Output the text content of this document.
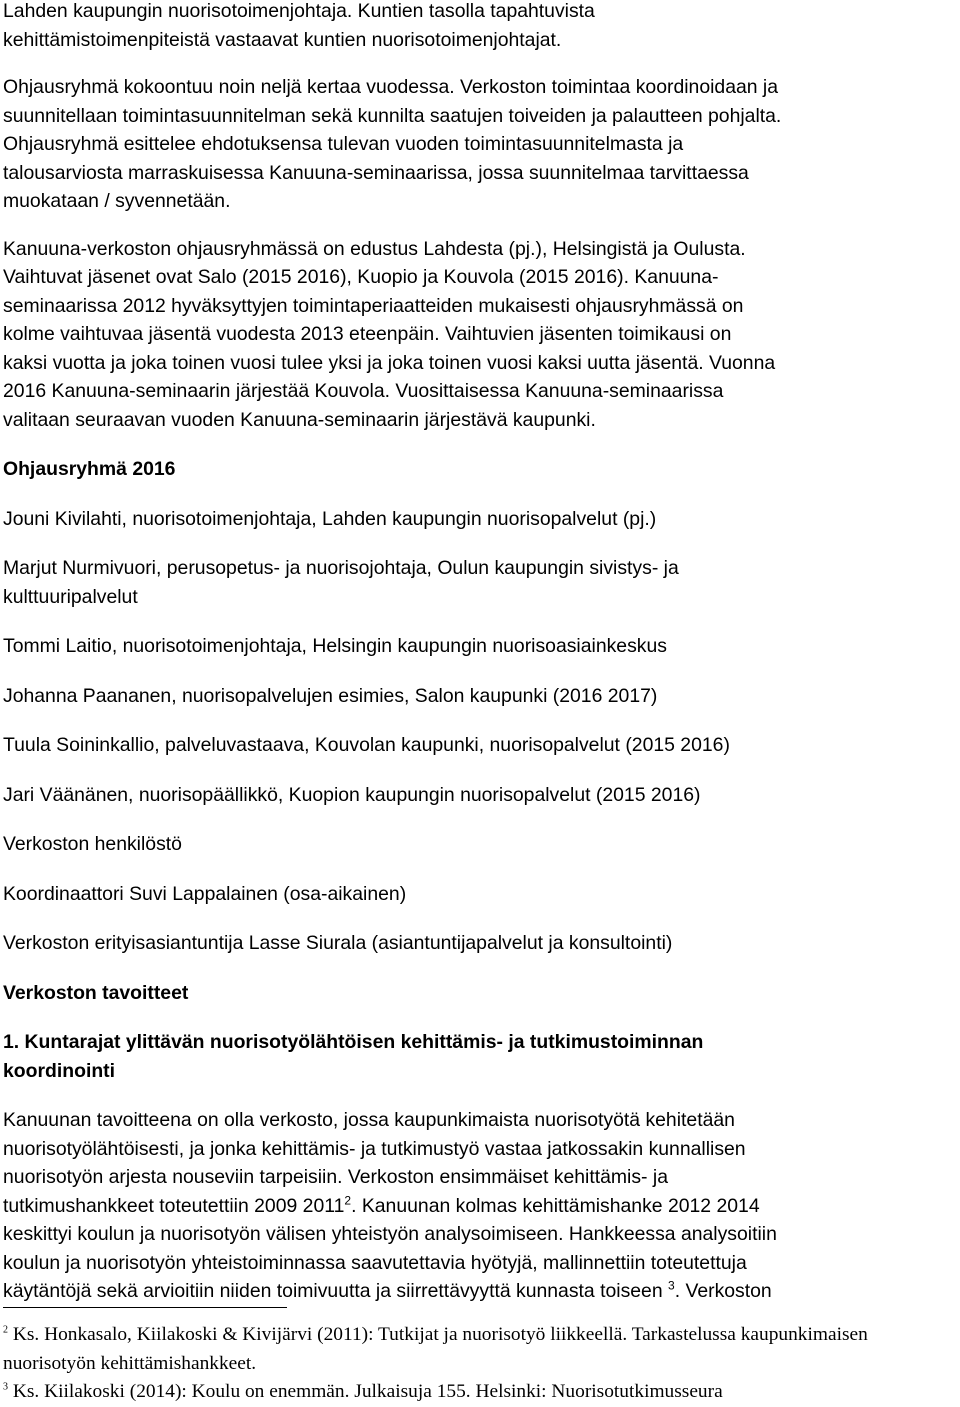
Lahden kaupungin nuorisotoimenjohtaja. Kuntien tasolla tapahtuvista
kehittämistoimenpiteistä vastaavat kuntien nuorisotoimenjohtajat.

Ohjausryhmä kokoontuu noin neljä kertaa vuodessa. Verkoston toimintaa koordinoidaan ja
suunnitellaan toimintasuunnitelman sekä kunnilta saatujen toiveiden ja palautteen pohjalta.
Ohjausryhmä esittelee ehdotuksensa tulevan vuoden toimintasuunnitelmasta ja
talousarviosta marraskuisessa Kanuuna-seminaarissa, jossa suunnitelmaa tarvittaessa
muokataan / syvennetään.

Kanuuna-verkoston ohjausryhmässä on edustus Lahdesta (pj.), Helsingistä ja Oulusta.
Vaihtuvat jäsenet ovat Salo (2015 2016), Kuopio ja Kouvola (2015 2016). Kanuuna-
seminaarissa 2012 hyväksyttyjen toimintaperiaatteiden mukaisesti ohjausryhmässä on
kolme vaihtuvaa jäsentä vuodesta 2013 eteenpäin. Vaihtuvien jäsenten toimikausi on
kaksi vuotta ja joka toinen vuosi tulee yksi ja joka toinen vuosi kaksi uutta jäsentä. Vuonna
2016 Kanuuna-seminaarin järjestää Kouvola. Vuosittaisessa Kanuuna-seminaarissa
valitaan seuraavan vuoden Kanuuna-seminaarin järjestävä kaupunki.

Ohjausryhmä 2016

Jouni Kivilahti, nuorisotoimenjohtaja, Lahden kaupungin nuorisopalvelut (pj.)

Marjut Nurmivuori, perusopetus- ja nuorisojohtaja, Oulun kaupungin sivistys- ja
kulttuuripalvelut

Tommi Laitio, nuorisotoimenjohtaja, Helsingin kaupungin nuorisoasiainkeskus

Johanna Paananen, nuorisopalvelujen esimies, Salon kaupunki (2016 2017)

Tuula Soininkallio, palveluvastaava, Kouvolan kaupunki, nuorisopalvelut (2015 2016)

Jari Väänänen, nuorisopäällikkö, Kuopion kaupungin nuorisopalvelut (2015 2016)

Verkoston henkilöstö

Koordinaattori Suvi Lappalainen (osa-aikainen)

Verkoston erityisasiantuntija Lasse Siurala (asiantuntijapalvelut ja konsultointi)

Verkoston tavoitteet

1. Kuntarajat ylittävän nuorisotyölähtöisen kehittämis- ja tutkimustoiminnan
koordinointi

Kanuunan tavoitteena on olla verkosto, jossa kaupunkimaista nuorisotyötä kehitetään
nuorisotyölähtöisesti, ja jonka kehittämis- ja tutkimustyö vastaa jatkossakin kunnallisen
nuorisotyön arjesta nouseviin tarpeisiin. Verkoston ensimmäiset kehittämis- ja
tutkimushankkeet toteutettiin 2009 2011$^2$. Kanuunan kolmas kehittämishanke 2012 2014
keskittyi koulun ja nuorisotyön välisen yhteistyön analysoimiseen. Hankkeessa analysoitiin
koulun ja nuorisotyön yhteistoiminnassa saavutettavia hyötyjä, mallinnettiin toteutettuja
käytäntöjä sekä arvioitiin niiden toimivuutta ja siirrettävyyttä kunnasta toiseen $^3$. Verkoston

$^2$ Ks. Honkasalo, Kiilakoski & Kivijärvi (2011): Tutkijat ja nuorisotyö liikkeellä. Tarkastelussa kaupunkimaisen
nuorisotyön kehittämishankkeet.

$^3$ Ks. Kiilakoski (2014): Koulu on enemmän. Julkaisuja 155. Helsinki: Nuorisotutkimusseura
